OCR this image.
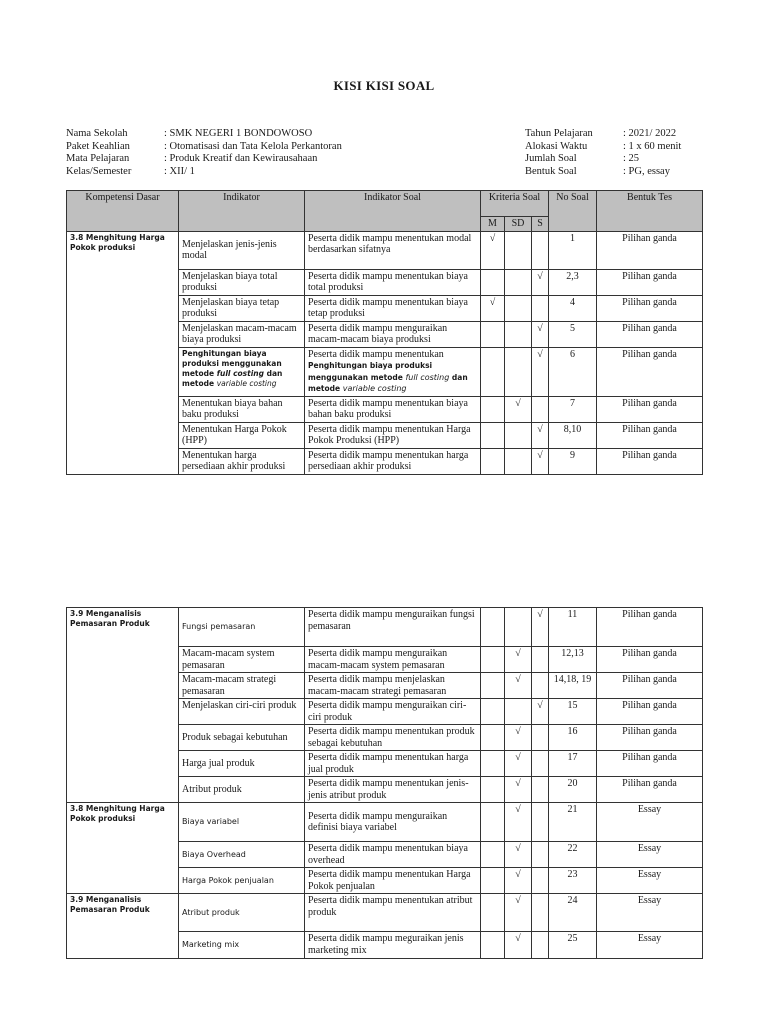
KISI KISI SOAL
Nama Sekolah	: SMK NEGERI 1 BONDOWOSO
Paket Keahlian	: Otomatisasi dan Tata Kelola Perkantoran
Mata Pelajaran	: Produk Kreatif dan Kewirausahaan
Kelas/Semester	: XII/ 1
Tahun Pelajaran	: 2021/ 2022
Alokasi Waktu	: 1 x 60 menit
Jumlah Soal	: 25
Bentuk Soal	: PG, essay
Kompetensi Dasar	Indikator	Indikator Soal	Kriteria Soal			No Soal	Bentuk Tes
			M	SD	S		
3.8 Menghitung Harga Pokok produksi	Menjelaskan jenis-jenis modal	Peserta didik mampu menentukan modal berdasarkan sifatnya	√			1	Pilihan ganda
	Menjelaskan biaya total produksi	Peserta didik mampu menentukan biaya total produksi			√	2,3	Pilihan ganda
	Menjelaskan biaya tetap produksi	Peserta didik mampu menentukan biaya tetap produksi	√			4	Pilihan ganda
	Menjelaskan macam-macam biaya produksi	Peserta didik mampu menguraikan macam-macam biaya produksi			√	5	Pilihan ganda
	Penghitungan biaya produksi menggunakan metode full costing dan metode variable costing	Peserta didik mampu menentukan Penghitungan biaya produksi menggunakan metode full costing dan metode variable costing			√	6	Pilihan ganda
	Menentukan biaya bahan baku produksi	Peserta didik mampu menentukan biaya bahan baku produksi		√		7	Pilihan ganda
	Menentukan Harga Pokok (HPP)	Peserta didik mampu menentukan Harga Pokok Produksi (HPP)			√	8,10	Pilihan ganda
	Menentukan harga persediaan akhir produksi	Peserta didik mampu menentukan harga persediaan akhir produksi			√	9	Pilihan ganda
3.9 Menganalisis Pemasaran Produk	Fungsi pemasaran	Peserta didik mampu menguraikan fungsi pemasaran			√	11	Pilihan ganda
	Macam-macam system pemasaran	Peserta didik mampu menguraikan macam-macam system pemasaran		√		12,13	Pilihan ganda
	Macam-macam strategi pemasaran	Peserta didik mampu menjelaskan macam-macam strategi pemasaran		√		14,18, 19	Pilihan ganda
	Menjelaskan ciri-ciri produk	Peserta didik mampu menguraikan ciri-ciri produk			√	15	Pilihan ganda
	Produk sebagai kebutuhan	Peserta didik mampu menentukan produk sebagai kebutuhan		√		16	Pilihan ganda
	Harga jual produk	Peserta didik mampu menentukan harga jual produk		√		17	Pilihan ganda
	Atribut produk	Peserta didik mampu menentukan jenis-jenis atribut produk		√		20	Pilihan ganda
3.8 Menghitung Harga Pokok produksi	Biaya variabel	Peserta didik mampu menguraikan definisi biaya variabel		√		21	Essay
	Biaya Overhead	Peserta didik mampu menentukan biaya overhead		√		22	Essay
	Harga Pokok penjualan	Peserta didik mampu menentukan Harga Pokok penjualan		√		23	Essay
3.9 Menganalisis Pemasaran Produk	Atribut produk	Peserta didik mampu menentukan atribut produk		√		24	Essay
	Marketing mix	Peserta didik mampu meguraikan jenis marketing mix		√		25	Essay
